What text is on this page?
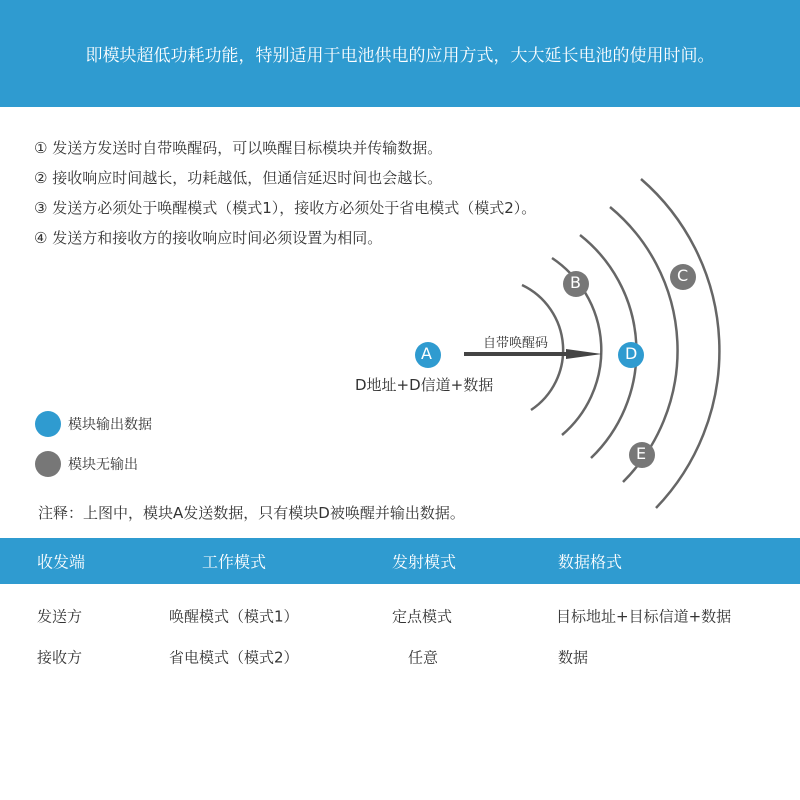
即模块超低功耗功能，特别适用于电池供电的应用方式，大大延长电池的使用时间。
① 发送方发送时自带唤醒码，可以唤醒目标模块并传输数据。
② 接收响应时间越长，功耗越低，但通信延迟时间也会越长。
③ 发送方必须处于唤醒模式（模式1），接收方必须处于省电模式（模式2）。
④ 发送方和接收方的接收响应时间必须设置为相同。
A
B	C
D
E
自带唤醒码
D地址+D信道+数据
模块输出数据
模块无输出
注释：上图中，模块A发送数据，只有模块D被唤醒并输出数据。
收发端	工作模式	发射模式	数据格式
发送方	唤醒模式（模式1）	定点模式	目标地址+目标信道+数据
接收方	省电模式（模式2）	任意	数据
